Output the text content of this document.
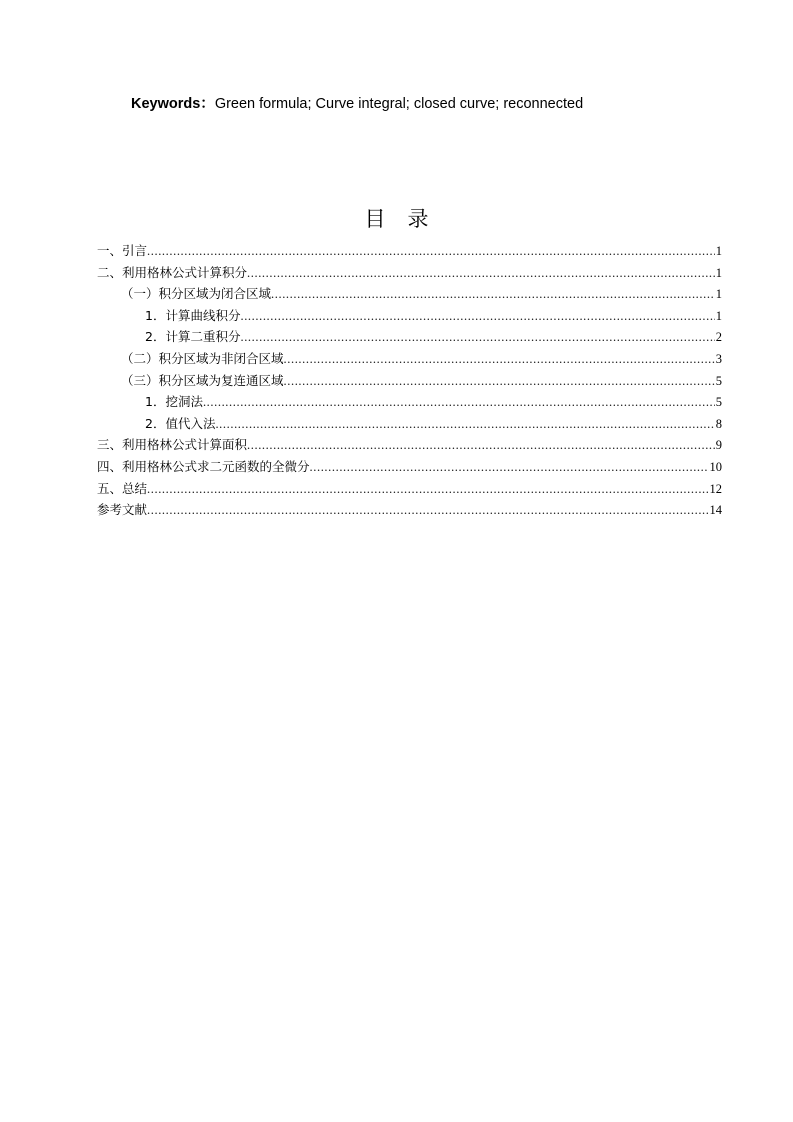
Keywords：Green formula; Curve integral; closed curve; reconnected
目 录
一、引言 .....	1
二、利用格林公式计算积分 .....	1
（一）积分区域为闭合区域 .....	1
1．计算曲线积分 .....	1
2．计算二重积分 .....	2
（二）积分区域为非闭合区域 .....	3
（三）积分区域为复连通区域 .....	5
1．挖洞法 .....	5
2．值代入法 .....	8
三、利用格林公式计算面积 .....	9
四、利用格林公式求二元函数的全微分 .....	10
五、总结 .....	12
参考文献 .....	14
